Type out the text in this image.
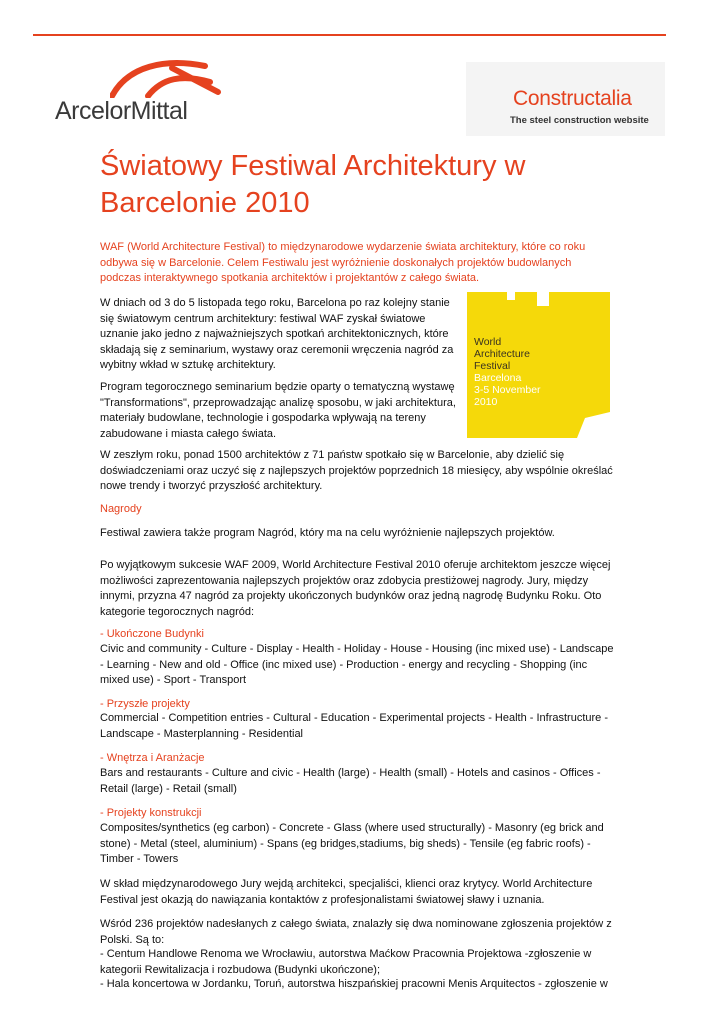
ArcelorMittal	Constructalia
The steel construction website
Światowy Festiwal Architektury w Barcelonie 2010

WAF (World Architecture Festival) to międzynarodowe wydarzenie świata architektury, które co roku odbywa się w Barcelonie. Celem Festiwalu jest wyróżnienie doskonałych projektów budowlanych podczas interaktywnego spotkania architektów i projektantów z całego świata.

W dniach od 3 do 5 listopada tego roku, Barcelona po raz kolejny stanie się światowym centrum architektury: festiwal WAF zyskał światowe uznanie jako jedno z najważniejszych spotkań architektonicznych, które składają się z seminarium, wystawy oraz ceremonii wręczenia nagród za wybitny wkład w sztukę architektury.

Program tegorocznego seminarium będzie oparty o tematyczną wystawę "Transformations", przeprowadzając analizę sposobu, w jaki architektura, materiały budowlane, technologie i gospodarka wpływają na tereny zabudowane i miasta całego świata.

World
Architecture
Festival
Barcelona
3-5 November
2010

W zeszłym roku, ponad 1500 architektów z 71 państw spotkało się w Barcelonie, aby dzielić się doświadczeniami oraz uczyć się z najlepszych projektów poprzednich 18 miesięcy, aby wspólnie określać nowe trendy i tworzyć przyszłość architektury.

Nagrody

Festiwal zawiera także program Nagród, który ma na celu wyróżnienie najlepszych projektów.

Po wyjątkowym sukcesie WAF 2009, World Architecture Festival 2010 oferuje architektom jeszcze więcej możliwości zaprezentowania najlepszych projektów oraz zdobycia prestiżowej nagrody. Jury, między innymi, przyzna 47 nagród za projekty ukończonych budynków oraz jedną nagrodę Budynku Roku. Oto kategorie tegorocznych nagród:

- Ukończone Budynki

Civic and community - Culture - Display - Health - Holiday - House - Housing (inc mixed use) - Landscape - Learning - New and old - Office (inc mixed use) - Production - energy and recycling - Shopping (inc mixed use) - Sport - Transport

- Przyszłe projekty

Commercial - Competition entries - Cultural - Education - Experimental projects - Health - Infrastructure - Landscape - Masterplanning - Residential

- Wnętrza i Aranżacje

Bars and restaurants - Culture and civic - Health (large) - Health (small) - Hotels and casinos - Offices - Retail (large) - Retail (small)

- Projekty konstrukcji

Composites/synthetics (eg carbon) - Concrete - Glass (where used structurally) - Masonry (eg brick and stone) - Metal (steel, aluminium) - Spans (eg bridges,stadiums, big sheds) - Tensile (eg fabric roofs) - Timber - Towers

W skład międzynarodowego Jury wejdą architekci, specjaliści, klienci oraz krytycy. World Architecture Festival jest okazją do nawiązania kontaktów z profesjonalistami światowej sławy i uznania.

Wśród 236 projektów nadesłanych z całego świata, znalazły się dwa nominowane zgłoszenia projektów z Polski. Są to:

- Centum Handlowe Renoma we Wrocławiu, autorstwa Maćkow Pracownia Projektowa -zgłoszenie w kategorii Rewitalizacja i rozbudowa (Budynki ukończone);

- Hala koncertowa w Jordanku, Toruń, autorstwa hiszpańskiej pracowni Menis Arquitectos - zgłoszenie w
